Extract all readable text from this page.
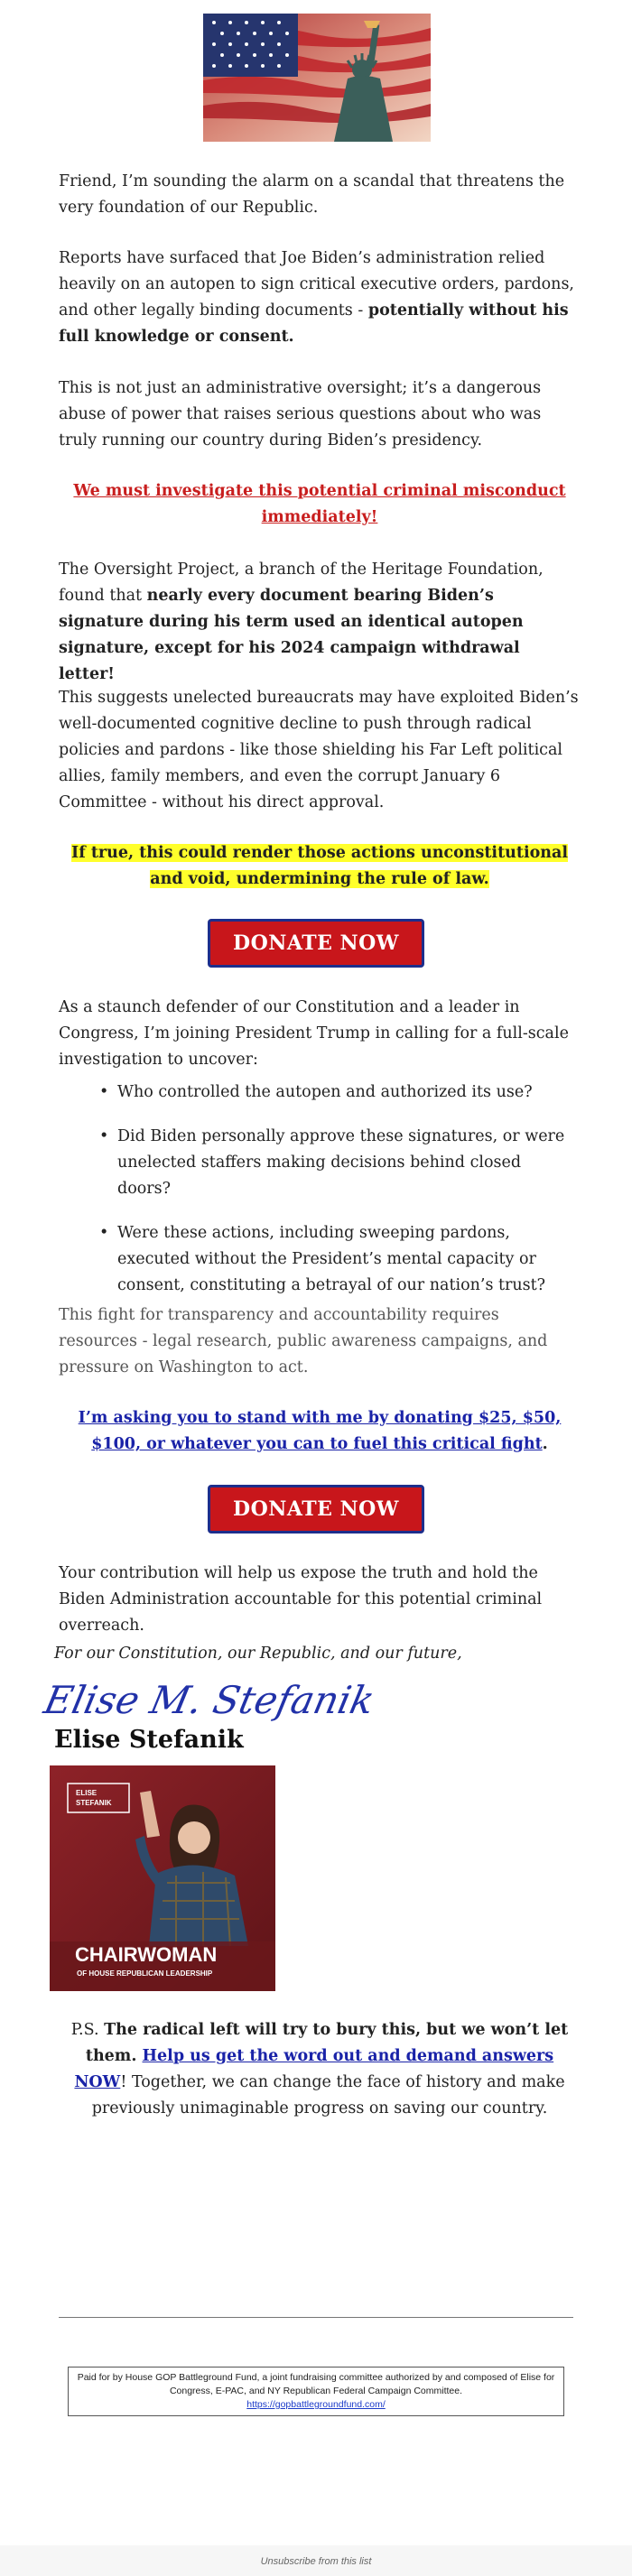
Friend, I’m sounding the alarm on a scandal that threatens the very foundation of our Republic.

Reports have surfaced that Joe Biden’s administration relied heavily on an autopen to sign critical executive orders, pardons, and other legally binding documents - potentially without his full knowledge or consent.

This is not just an administrative oversight; it’s a dangerous abuse of power that raises serious questions about who was truly running our country during Biden’s presidency.

We must investigate this potential criminal misconduct immediately!

The Oversight Project, a branch of the Heritage Foundation, found that nearly every document bearing Biden’s signature during his term used an identical autopen signature, except for his 2024 campaign withdrawal letter!

This suggests unelected bureaucrats may have exploited Biden’s well-documented cognitive decline to push through radical policies and pardons - like those shielding his Far Left political allies, family members, and even the corrupt January 6 Committee - without his direct approval.

If true, this could render those actions unconstitutional and void, undermining the rule of law.

DONATE NOW

As a staunch defender of our Constitution and a leader in Congress, I’m joining President Trump in calling for a full-scale investigation to uncover:

• Who controlled the autopen and authorized its use?
• Did Biden personally approve these signatures, or were unelected staffers making decisions behind closed doors?
• Were these actions, including sweeping pardons, executed without the President’s mental capacity or consent, constituting a betrayal of our nation’s trust?

This fight for transparency and accountability requires resources - legal research, public awareness campaigns, and pressure on Washington to act.

I’m asking you to stand with me by donating $25, $50, $100, or whatever you can to fuel this critical fight.

DONATE NOW

Your contribution will help us expose the truth and hold the Biden Administration accountable for this potential criminal overreach.

For our Constitution, our Republic, and our future,
Elise M. Stefanik
Elise Stefanik
ELISE
STEFANIK
CHAIRWOMAN
OF HOUSE REPUBLICAN LEADERSHIP

P.S. The radical left will try to bury this, but we won’t let them. Help us get the word out and demand answers NOW! Together, we can change the face of history and make previously unimaginable progress on saving our country.

Paid for by House GOP Battleground Fund, a joint fundraising committee authorized by and composed of Elise for Congress, E-PAC, and NY Republican Federal Campaign Committee.
https://gopbattlegroundfund.com/
Unsubscribe from this list
